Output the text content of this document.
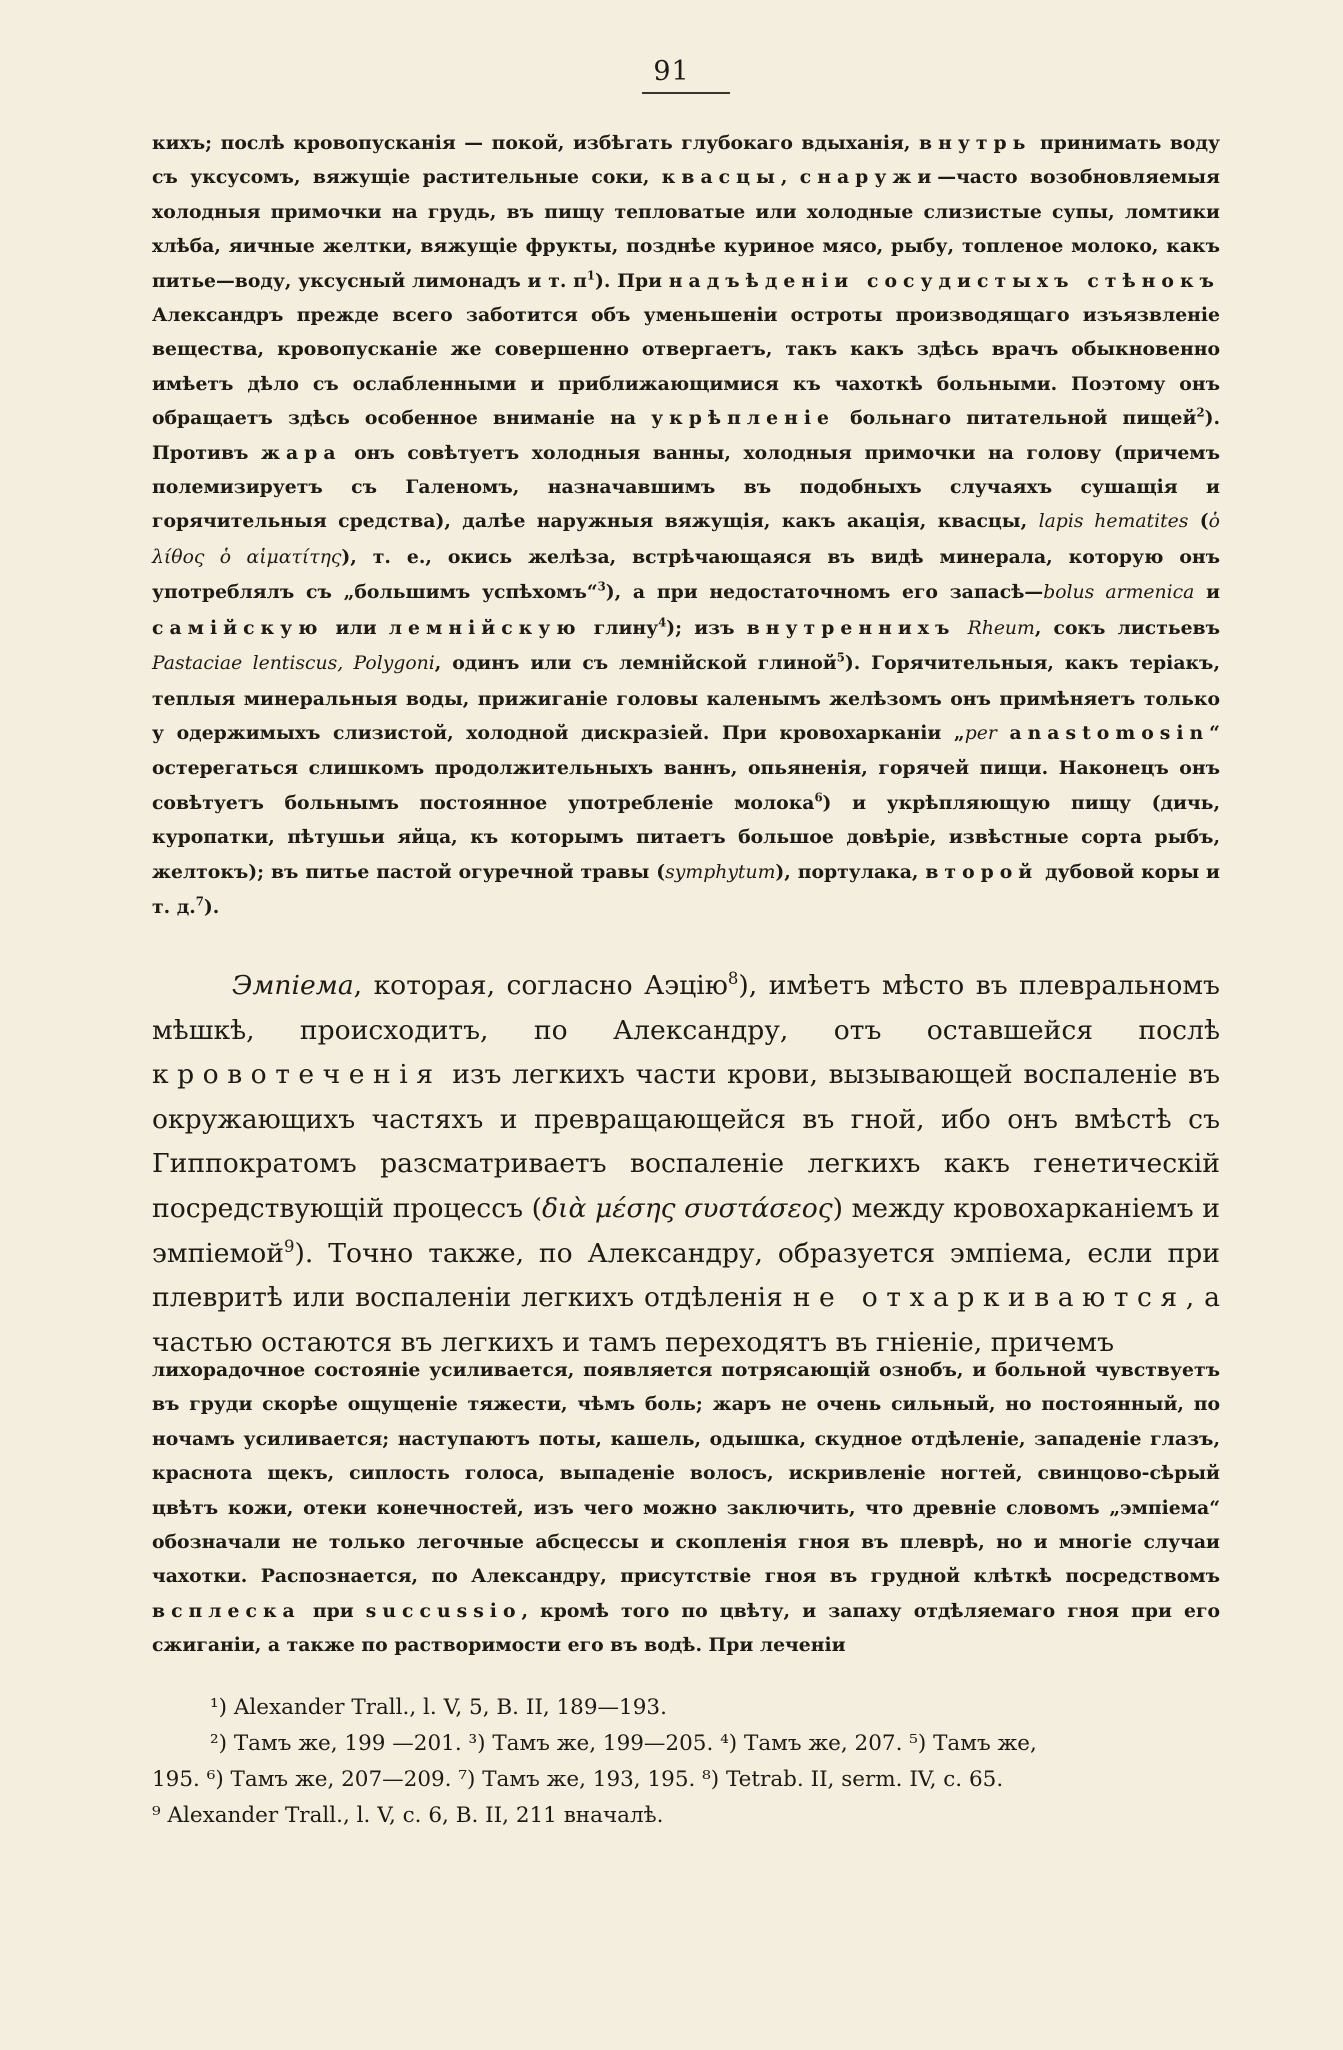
91

кихъ; послѣ кровопусканія — покой, избѣгать глубокаго вдыханія, внутрь принимать воду съ уксусомъ, вяжущіе растительные соки, квасцы, снаружи—часто возобновляемыя холодныя примочки на грудь, въ пищу тепловатые или холодные слизистые супы, ломтики хлѣба, яичные желтки, вяжущіе фрукты, позднѣе куриное мясо, рыбу, топленое молоко, какъ питье—воду, уксусный лимонадъ и т. $п^1$). При надъѣденіи сосудистыхъ стѣнокъ Александръ прежде всего заботится объ уменьшеніи остроты производящаго изъязвленіе вещества, кровопусканіе же совершенно отвергаетъ, такъ какъ здѣсь врачъ обыкновенно имѣетъ дѣло съ ослабленными и приближающимися къ чахоткѣ больными. Поэтому онъ обращаетъ здѣсь особенное вниманіе на укрѣпленіе больнаго питательной пищей$^2$). Противъ жара онъ совѣтуетъ холодныя ванны, холодныя примочки на голову (причемъ полемизируетъ съ Галеномъ, назначавшимъ въ подобныхъ случаяхъ сушащія и горячительныя средства), далѣе наружныя вяжущія, какъ акація, квасцы, lapis hematites (ὁ λίθος ὁ αἱματίτης), т. е., окись желѣза, встрѣчающаяся въ видѣ минерала, которую онъ употреблялъ съ „большимъ успѣхомъ“$^3$), а при недостаточномъ его запасѣ—bolus armenica и самійскую или лемнійскую глину$^4$); изъ внутреннихъ Rheum, сокъ листьевъ Pastaciae lentiscus, Polygoni, одинъ или съ лемнійской глиной$^5$). Горячительныя, какъ теріакъ, теплыя минеральныя воды, прижиганіе головы каленымъ желѣзомъ онъ примѣняетъ только у одержимыхъ слизистой, холодной дискразіей. При кровохарканіи „per anastomosin“ остерегаться слишкомъ продолжительныхъ ваннъ, опьяненія, горячей пищи. Наконецъ онъ совѣтуетъ больнымъ постоянное употребленіе молока$^6$) и укрѣпляющую пищу (дичь, куропатки, пѣтушьи яйца, къ которымъ питаетъ большое довѣріе, извѣстные сорта рыбъ, желтокъ); въ питье пастой огуречной травы (symphytum), портулака, второй дубовой коры и т. д.$^7$).

Эмпіема, которая, согласно Аэцію$^8$), имѣетъ мѣсто въ плевральномъ мѣшкѣ, происходитъ, по Александру, отъ оставшейся послѣ кровотеченія изъ легкихъ части крови, вызывающей воспаленіе въ окружающихъ частяхъ и превращающейся въ гной, ибо онъ вмѣстѣ съ Гиппократомъ разсматриваетъ воспаленіе легкихъ какъ генетическій посредствующій процессъ (διὰ μέσης συστάσεος) между кровохарканіемъ и эмпіемой$^9$). Точно также, по Александру, образуется эмпіема, если при плевритѣ или воспаленіи легкихъ отдѣленія не отхаркиваются, а частью остаются въ легкихъ и тамъ переходятъ въ гніеніе, причемъ

лихорадочное состояніе усиливается, появляется потрясающій ознобъ, и больной чувствуетъ въ груди скорѣе ощущеніе тяжести, чѣмъ боль; жаръ не очень сильный, но постоянный, по ночамъ усиливается; наступаютъ поты, кашель, одышка, скудное отдѣленіе, западеніе глазъ, краснота щекъ, сиплость голоса, выпаденіе волосъ, искривленіе ногтей, свинцово-сѣрый цвѣтъ кожи, отеки конечностей, изъ чего можно заключить, что древніе словомъ „эмпіема“ обозначали не только легочные абсцессы и скопленія гноя въ плеврѣ, но и многіе случаи чахотки. Распознается, по Александру, присутствіе гноя въ грудной клѣткѣ посредствомъ всплеска при succussio, кромѣ того по цвѣту, и запаху отдѣляемаго гноя при его сжиганіи, а также по растворимости его въ водѣ. При леченіи

¹) Alexander Trall., l. V, 5, B. II, 189—193.

²) Тамъ же, 199 —201. ³) Тамъ же, 199—205. ⁴) Тамъ же, 207. ⁵) Тамъ же,

195. ⁶) Тамъ же, 207—209. ⁷) Тамъ же, 193, 195. ⁸) Tetrab. II, serm. IV, c. 65.

⁹ Alexander Trall., l. V, c. 6, B. II, 211 вначалѣ.
